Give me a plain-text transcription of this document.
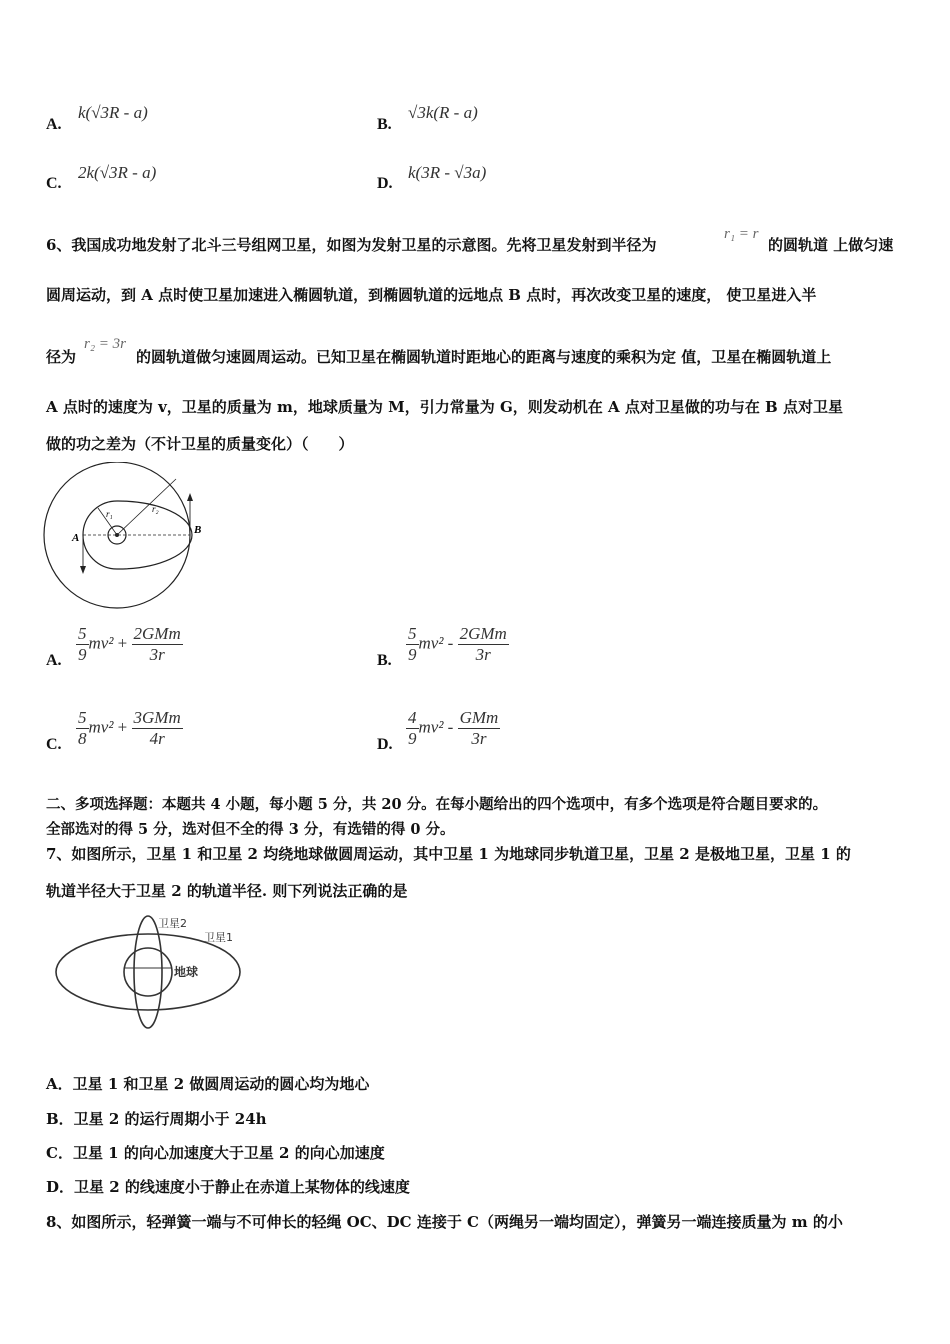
A.
k(√3R - a)
B.
√3k(R - a)
C.
2k(√3R - a)
D.
k(3R - √3a)
6、我国成功地发射了北斗三号组网卫星，如图为发射卫星的示意图。先将卫星发射到半径为
r₁ = r
的圆轨道 上做匀速
圆周运动，到 A 点时使卫星加速进入椭圆轨道，到椭圆轨道的远地点 B 点时，再次改变卫星的速度， 使卫星进入半
径为
r₂ = 3r
的圆轨道做匀速圆周运动。已知卫星在椭圆轨道时距地心的距离与速度的乘积为定 值，卫星在椭圆轨道上
A 点时的速度为 v，卫星的质量为 m，地球质量为 M，引力常量为 G，则发动机在 A 点对卫星做的功与在 B 点对卫星
做的功之差为（不计卫星的质量变化）（　　）
A
B
r₁	r₂
A. $\frac{5}{9} mv^2 + \frac{\text{2GMm}}{3r}$	B. $\frac{5}{9} mv^2 - \frac{\text{2GMm}}{3r}$
C. $\frac{5}{8} mv^2 + \frac{\text{3GMm}}{4r}$	D. $\frac{4}{9} mv^2 - \frac{\text{GMm}}{3r}$
二、多项选择题：本题共 4 小题，每小题 5 分，共 20 分。在每小题给出的四个选项中，有多个选项是符合题目要求的。
全部选对的得 5 分，选对但不全的得 3 分，有选错的得 0 分。
7、如图所示，卫星 1 和卫星 2 均绕地球做圆周运动，其中卫星 1 为地球同步轨道卫星，卫星 2 是极地卫星，卫星 1 的
轨道半径大于卫星 2 的轨道半径. 则下列说法正确的是
卫星2
卫星1
地球
A．卫星 1 和卫星 2 做圆周运动的圆心均为地心
B．卫星 2 的运行周期小于 24h
C．卫星 1 的向心加速度大于卫星 2 的向心加速度
D．卫星 2 的线速度小于静止在赤道上某物体的线速度
8、如图所示，轻弹簧一端与不可伸长的轻绳 OC、DC 连接于 C（两绳另一端均固定），弹簧另一端连接质量为 m 的小
